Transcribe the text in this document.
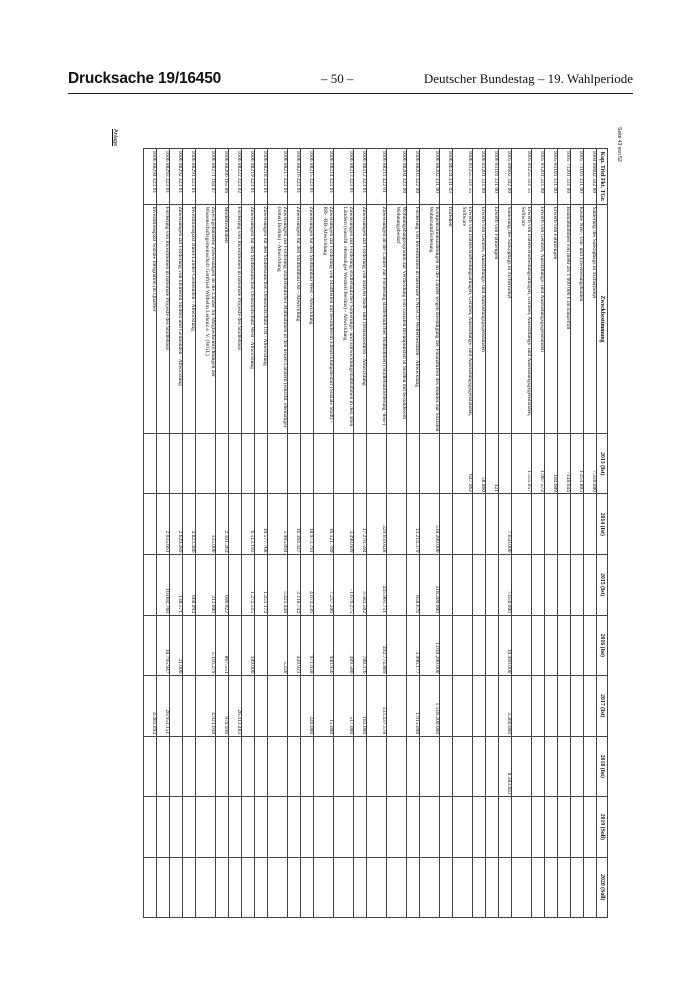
Drucksache 19/16450	– 50 –	Deutscher Bundestag – 19. Wahlperiode
Anlage	Seite 43 von 52
Kap. Titel Fkt. TGr.	Zweckbestimmung	2013 (Ist)	2014 (Ist)	2015 (Ist)	2016 (Ist)	2017 (Ist)	2018 (Ist)	2019 (Soll)	2020 (Soll)
1604 89602 342 00	Sanierung des Sarkophags in Tschernobyl	7.330.000							
1605 71101 331 00	Kleine Neu-, Um- und Erweiterungsbauten	1.451.805							
1605 71201 331 00	Baumaßnahmen von mehr als 1 000 000 € im Einzelfall	-140.644							
1605 81101 331 00	Erwerb von Fahrzeugen	104.609							
1605 81201 331 00	Erwerb von Geräten, Ausstattungs- und Ausrüstungsgegenständen	1.987.572							
1605 81255 331 55	Erwerb von Datenverarbeitungsanlagen, Geräten, Ausstattungs- und Ausrüstungsgegenständen, Software	1.555.057							
1605 89602 342 00	Sanierung des Sarkophags in Tschernobyl		7.650.000	7.650.000	10.460.000	3.460.000	8.383.843		
1606 81101 331 00	Erwerb von Fahrzeugen	121							
1606 81201 331 00	Erwerb von Geräten, Ausstattungs- und Ausrüstungsgegenständen	58.860							
1606 81255 331 55	Erwerb von Datenverarbeitungsanlagen, Geräten, Ausstattungs- und Ausrüstungsgegenständen, Software	647.962							
1606 86334 411 03	Darlehen								
1606 88202 411 00	Kompensationszahlungen an die Länder wegen Beendigung der Finanzhilfen des Bundes zur Sozialen Wohnraumförderung		518.200.000	518.200.000	1.018.200.000	1.518.200.000			
1606 88203 422 00	Förderung von Investitionen in nationale UNESCO-Welterbestätten - Abwicklung		13.214.379	858.676	3.996.177	1.915.090			
1606 88204 423 00	Wohnungsbauprogramm zur Vermeidung von sozialen Brennpunkten in Städten mit besonderem Wohnungsbedarf								
1606 88211 422 01	Zuweisungen an die Länder zur Förderung städtebaulicher Maßnahmen (Städtebauförderung -neu-)		329.659.628	445.905.751	492.774.889	533.437.578			
1606 88212 423 01	Zuweisungen zur Förderung von aktiven Stadt- und Ortsteilzentren - Abwicklung		17.278.594	3.583.502	788.376	183.000			
1606 88213 423 01	Zuweisungen zur Förderung städtebaulicher Sanierungs- und Entwicklungsmaßnahmen in den alten Ländern (einschl. ehemaliger Westteil Berlins) - Abwicklung		3.490.609	-1.676.275	489.580	517.000			
1606 88214 423 01	Zuweisungen zur Förderung von Stadtteilen mit besonderem Entwicklungsbedarf (Soziale Stadt) -RB- -RB-Abwicklung		16.121.789	7.237.206	940.956	15.000			
1606 88215 423 01	Zuweisungen für den Stadtumbau West - Abwicklung		18.973.791	4.074.236	971.038	240.000			
1606 88216 423 01	Zuweisungen für den Stadtumbau Ost - Abwicklung		16.164.447	2.118.744	449.923				
1606 88217 423 01	Zuweisungen zur Förderung städtebaulicher Maßnahmen in den neuen Ländern (einschl. ehemaliger Ostteil Berlins) - Abwicklung		5.905.894	5.425.448	5.220				
1606 88218 423 01	Zuweisungen für den Städtebaulichen Denkmalschutz Ost - Abwicklung		10.577.768	1.451.174					
1606 88219 423 01	Zuweisungen für den Städtebaulichen Denkmalschutz West - Abwicklung		6.513.193	1.272.515	189.000				
1606 88222 423 02	Förderung von Investitionen in nationale Projekte des Städtebaus					26.413.483			
1606 88266 165 06	Modellvorhaben		2.101.263	696.022	867.551	970.936			
1606 88271 164 07	Zweckgebundene Zuweisungen an die Länder für Mitgliedseinrichtungen der Wissenschaftsgemeinschaft Gottfried Wilhelm Leibniz e. V. (WGL)		135.000	312.000	5.116.279	4.921.048			
1606 88291 423 01	Investitionspakt Bund-Länder-Gemeinden - Abwicklung		4.823.486	668.094					
1606 88292 423 01	Zuweisungen zur Förderung von kleineren Städten und Gemeinden - Abwicklung		2.629.289	138.571	21.000				
1606 88293 423 01	Förderung von Investitionen in nationale Projekte des Städtebaus		2.035.661	10.004.760	18.795.947	26.953.151			
1606 88294 423 01	Investitionspakt Soziale Integration im Quartier					4.483.894			
